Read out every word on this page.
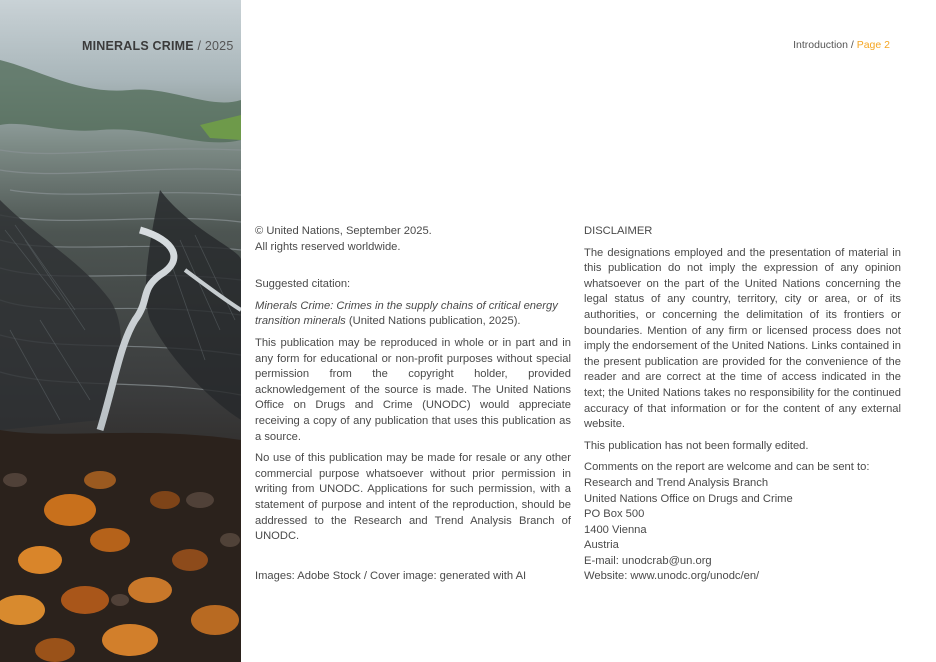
MINERALS CRIME / 2025	Introduction / Page 2

© United Nations, September 2025.

All rights reserved worldwide.

Suggested citation:

Minerals Crime: Crimes in the supply chains of critical energy transition minerals (United Nations publication, 2025).

This publication may be reproduced in whole or in part and in any form for educational or non-profit purposes without special permission from the copyright holder, provided acknowledgement of the source is made. The United Nations Office on Drugs and Crime (UNODC) would appreciate receiving a copy of any publication that uses this publication as a source.

No use of this publication may be made for resale or any other commercial purpose whatsoever without prior permission in writing from UNODC. Applications for such permission, with a statement of purpose and intent of the reproduction, should be addressed to the Research and Trend Analysis Branch of UNODC.

Images: Adobe Stock / Cover image: generated with AI

DISCLAIMER

The designations employed and the presentation of material in this publication do not imply the expression of any opinion whatsoever on the part of the United Nations concerning the legal status of any country, territory, city or area, or of its authorities, or concerning the delimitation of its frontiers or boundaries. Mention of any firm or licensed process does not imply the endorsement of the United Nations. Links contained in the present publication are provided for the convenience of the reader and are correct at the time of access indicated in the text; the United Nations takes no responsibility for the continued accuracy of that information or for the content of any external website.

This publication has not been formally edited.

Comments on the report are welcome and can be sent to:

Research and Trend Analysis Branch
United Nations Office on Drugs and Crime
PO Box 500
1400 Vienna
Austria
E-mail: unodcrab@un.org
Website: www.unodc.org/unodc/en/
